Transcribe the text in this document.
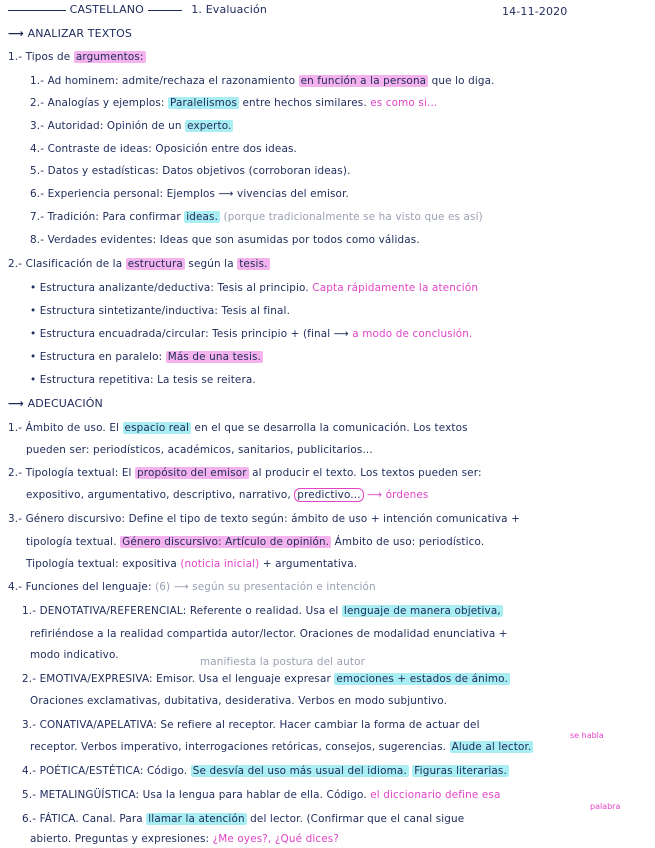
CASTELLANO	1. Evaluación	14-11-2020
⟶ ANALIZAR TEXTOS
1.- Tipos de argumentos:
1.- Ad hominem: admite/rechaza el razonamiento en función a la persona que lo diga.
2.- Analogías y ejemplos: Paralelismos entre hechos similares. es como si...
3.- Autoridad: Opinión de un experto.
4.- Contraste de ideas: Oposición entre dos ideas.
5.- Datos y estadísticas: Datos objetivos (corroboran ideas).
6.- Experiencia personal: Ejemplos ⟶ vivencias del emisor.
7.- Tradición: Para confirmar ideas. (porque tradicionalmente se ha visto que es así)
8.- Verdades evidentes: Ideas que son asumidas por todos como válidas.
2.- Clasificación de la estructura según la tesis.
• Estructura analizante/deductiva: Tesis al principio. Capta rápidamente la atención
• Estructura sintetizante/inductiva: Tesis al final.
• Estructura encuadrada/circular: Tesis principio + (final ⟶ a modo de conclusión.
• Estructura en paralelo: Más de una tesis.
• Estructura repetitiva: La tesis se reitera.
⟶ ADECUACIÓN
1.- Ámbito de uso. El espacio real en el que se desarrolla la comunicación. Los textos
pueden ser: periodísticos, académicos, sanitarios, publicitarios...
2.- Tipología textual: El propósito del emisor al producir el texto. Los textos pueden ser:
expositivo, argumentativo, descriptivo, narrativo, predictivo... ⟶ órdenes
3.- Género discursivo: Define el tipo de texto según: ámbito de uso + intención comunicativa +
tipología textual. Género discursivo: Artículo de opinión. Ámbito de uso: periodístico.
Tipología textual: expositiva (noticia inicial) + argumentativa.
4.- Funciones del lenguaje: (6) ⟶ según su presentación e intención
1.- DENOTATIVA/REFERENCIAL: Referente o realidad. Usa el lenguaje de manera objetiva,
refiriéndose a la realidad compartida autor/lector. Oraciones de modalidad enunciativa +
modo indicativo.
manifiesta la postura del autor
2.- EMOTIVA/EXPRESIVA: Emisor. Usa el lenguaje expresar emociones + estados de ánimo.
Oraciones exclamativas, dubitativa, desiderativa. Verbos en modo subjuntivo.
3.- CONATIVA/APELATIVA: Se refiere al receptor. Hacer cambiar la forma de actuar del
se habla
receptor. Verbos imperativo, interrogaciones retóricas, consejos, sugerencias. Alude al lector.
4.- POÉTICA/ESTÉTICA: Código. Se desvía del uso más usual del idioma. Figuras literarias.
5.- METALINGÜÍSTICA: Usa la lengua para hablar de ella. Código. el diccionario define esa
palabra
6.- FÁTICA. Canal. Para llamar la atención del lector. (Confirmar que el canal sigue
abierto. Preguntas y expresiones: ¿Me oyes?, ¿Qué dices?
